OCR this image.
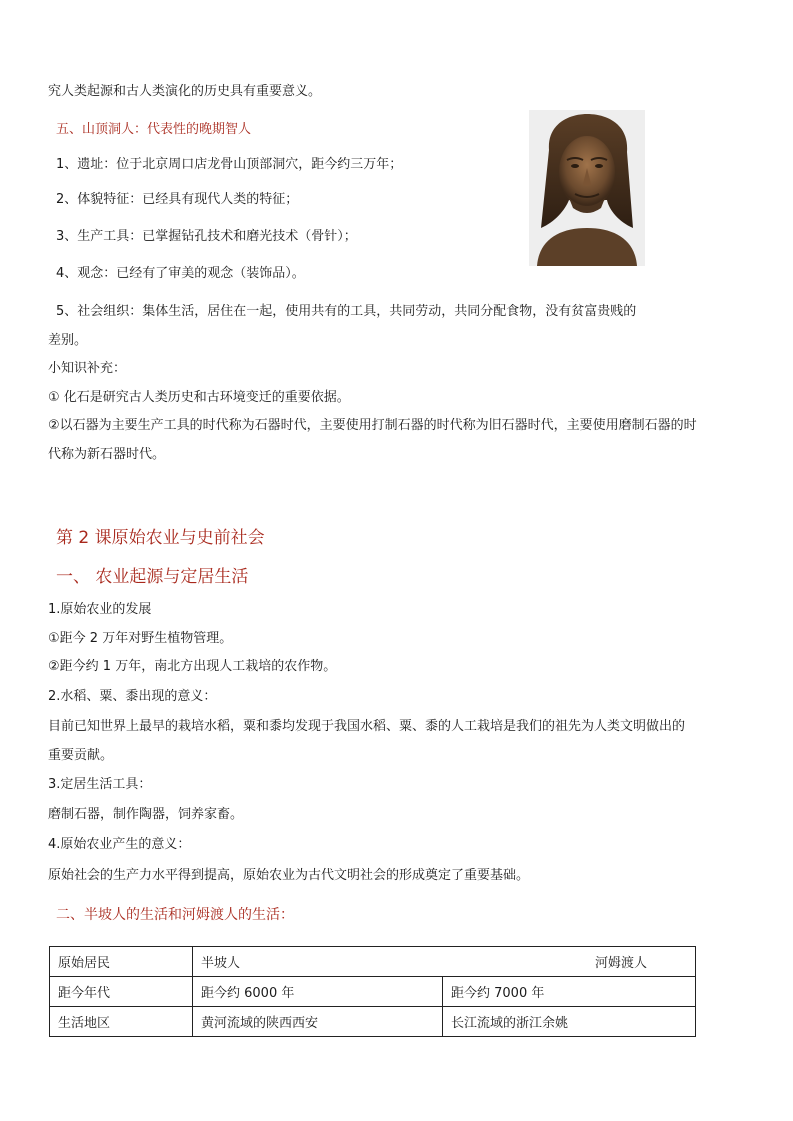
究人类起源和古人类演化的历史具有重要意义。
五、山顶洞人：代表性的晚期智人
1、遗址：位于北京周口店龙骨山顶部洞穴，距今约三万年；
2、体貌特征：已经具有现代人类的特征；
3、生产工具：已掌握钻孔技术和磨光技术（骨针）；
4、观念：已经有了审美的观念（装饰品）。
5、社会组织：集体生活，居住在一起，使用共有的工具，共同劳动，共同分配食物，没有贫富贵贱的
差别。
小知识补充：
① 化石是研究古人类历史和古环境变迁的重要依据。
②以石器为主要生产工具的时代称为石器时代，主要使用打制石器的时代称为旧石器时代，主要使用磨制石器的时
代称为新石器时代。
第 2 课原始农业与史前社会
一、 农业起源与定居生活
1.原始农业的发展
①距今 2 万年对野生植物管理。
②距今约 1 万年，南北方出现人工栽培的农作物。
2.水稻、粟、黍出现的意义：
目前已知世界上最早的栽培水稻，粟和黍均发现于我国水稻、粟、黍的人工栽培是我们的祖先为人类文明做出的
重要贡献。
3.定居生活工具：
磨制石器，制作陶器，饲养家畜。
4.原始农业产生的意义：
原始社会的生产力水平得到提高，原始农业为古代文明社会的形成奠定了重要基础。
二、半坡人的生活和河姆渡人的生活：
原始居民	半坡人 河姆渡人	

距今年代	距今约 6000 年	距今约 7000 年
生活地区	黄河流域的陕西西安	长江流域的浙江余姚
